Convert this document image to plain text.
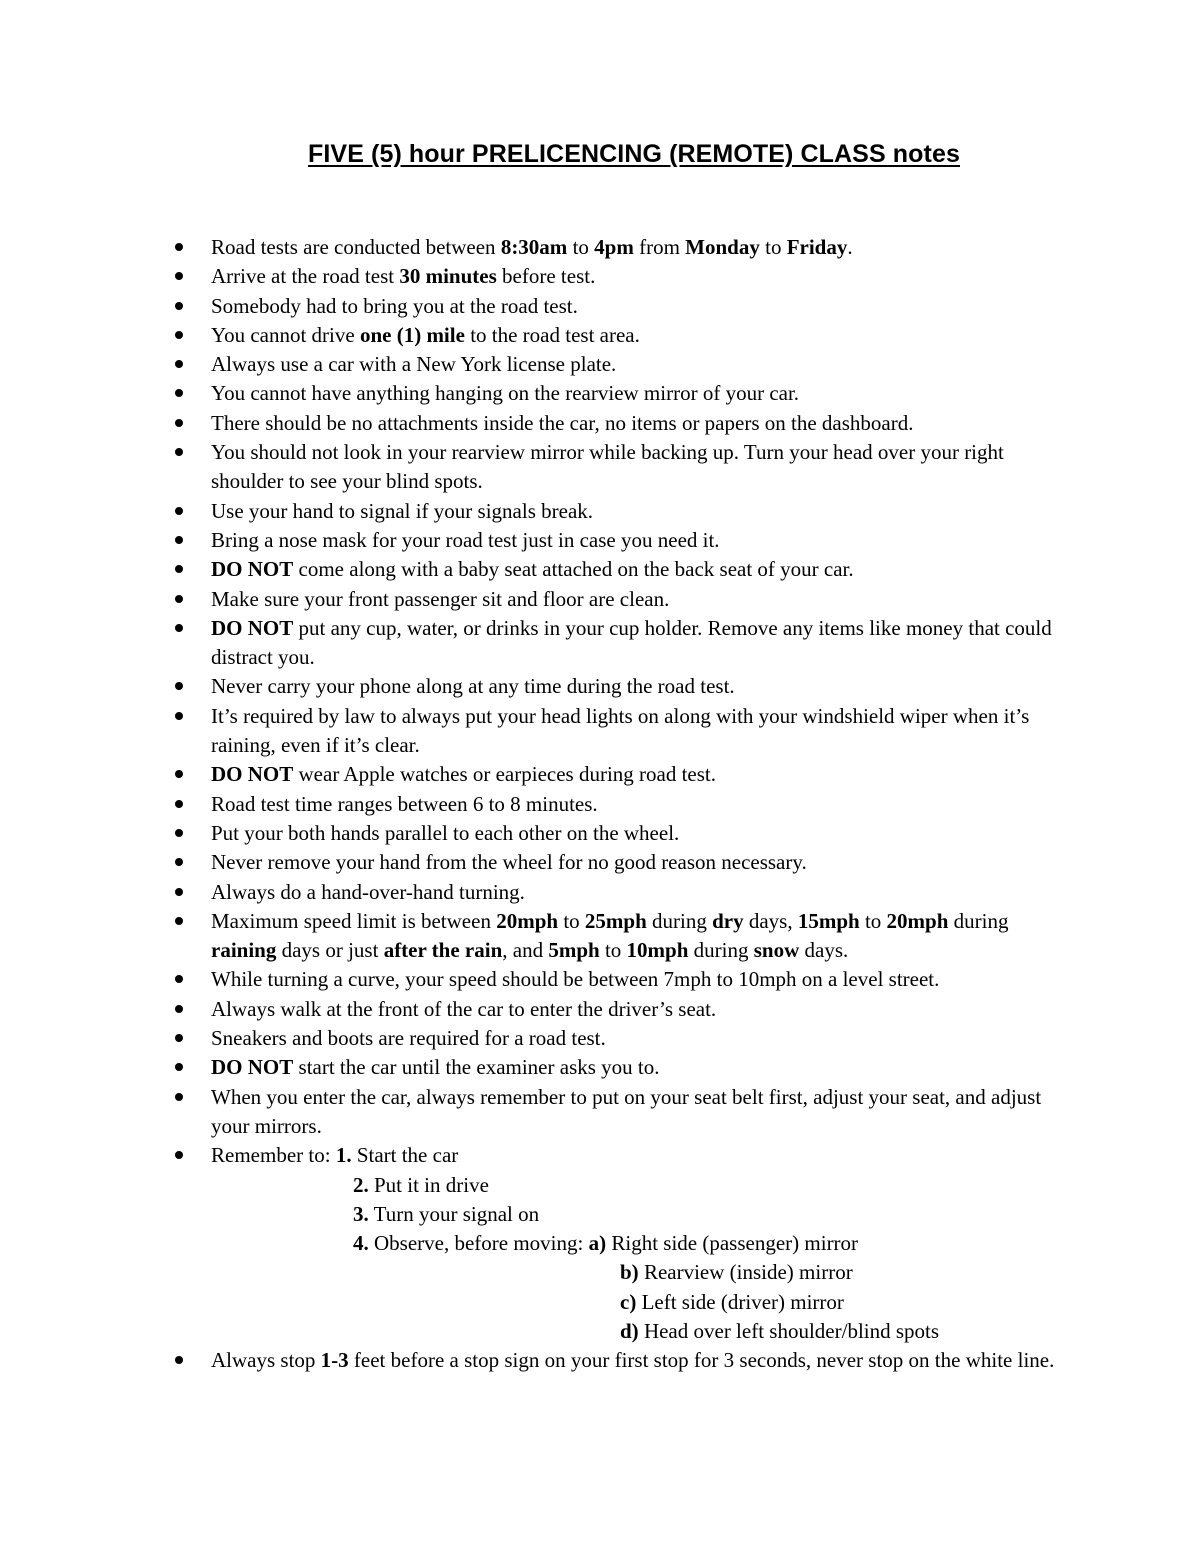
FIVE (5) hour PRELICENCING (REMOTE) CLASS notes
Road tests are conducted between 8:30am to 4pm from Monday to Friday.
Arrive at the road test 30 minutes before test.
Somebody had to bring you at the road test.
You cannot drive one (1) mile to the road test area.
Always use a car with a New York license plate.
You cannot have anything hanging on the rearview mirror of your car.
There should be no attachments inside the car, no items or papers on the dashboard.
You should not look in your rearview mirror while backing up. Turn your head over your right shoulder to see your blind spots.
Use your hand to signal if your signals break.
Bring a nose mask for your road test just in case you need it.
DO NOT come along with a baby seat attached on the back seat of your car.
Make sure your front passenger sit and floor are clean.
DO NOT put any cup, water, or drinks in your cup holder. Remove any items like money that could distract you.
Never carry your phone along at any time during the road test.
It’s required by law to always put your head lights on along with your windshield wiper when it’s raining, even if it’s clear.
DO NOT wear Apple watches or earpieces during road test.
Road test time ranges between 6 to 8 minutes.
Put your both hands parallel to each other on the wheel.
Never remove your hand from the wheel for no good reason necessary.
Always do a hand-over-hand turning.
Maximum speed limit is between 20mph to 25mph during dry days, 15mph to 20mph during raining days or just after the rain, and 5mph to 10mph during snow days.
While turning a curve, your speed should be between 7mph to 10mph on a level street.
Always walk at the front of the car to enter the driver’s seat.
Sneakers and boots are required for a road test.
DO NOT start the car until the examiner asks you to.
When you enter the car, always remember to put on your seat belt first, adjust your seat, and adjust your mirrors.
Remember to: 1. Start the car
2. Put it in drive
3. Turn your signal on
4. Observe, before moving: a) Right side (passenger) mirror
b) Rearview (inside) mirror
c) Left side (driver) mirror
d) Head over left shoulder/blind spots
Always stop 1-3 feet before a stop sign on your first stop for 3 seconds, never stop on the white line.
